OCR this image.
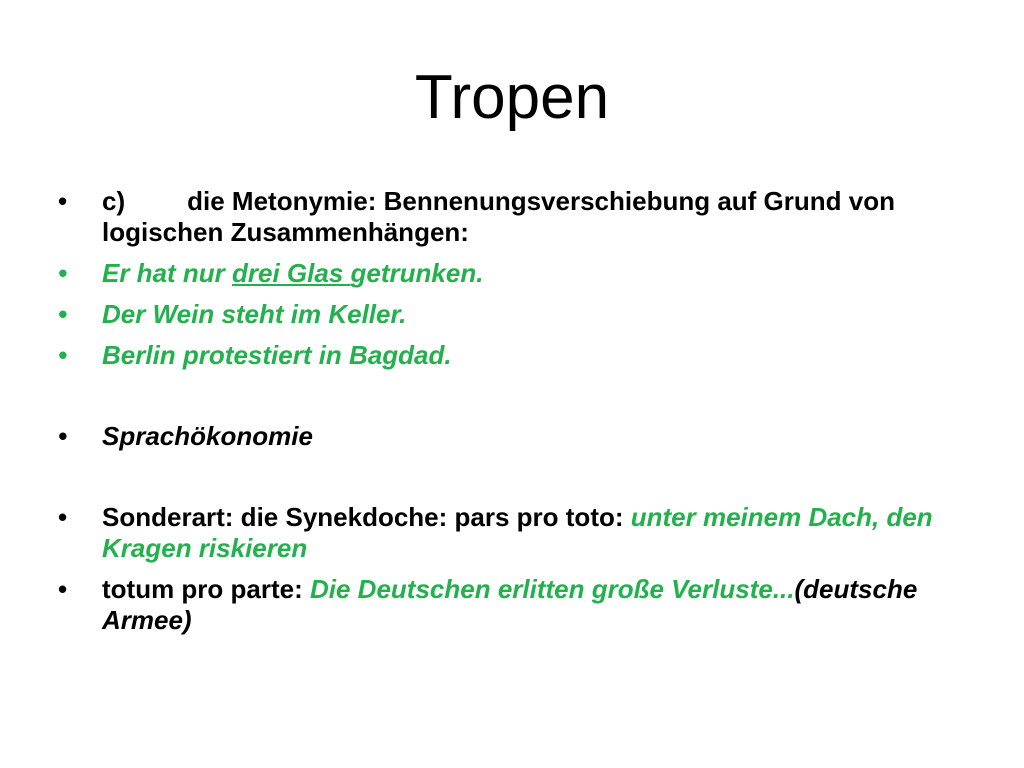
Tropen
•	c) die Metonymie: Bennenungsverschiebung auf Grund von logischen Zusammenhängen:
•	Er hat nur drei Glas getrunken.
•	Der Wein steht im Keller.
•	Berlin protestiert in Bagdad.
•	Sprachökonomie
•	Sonderart: die Synekdoche: pars pro toto: unter meinem Dach, den Kragen riskieren
•	totum pro parte: Die Deutschen erlitten große Verluste...(deutsche Armee)
